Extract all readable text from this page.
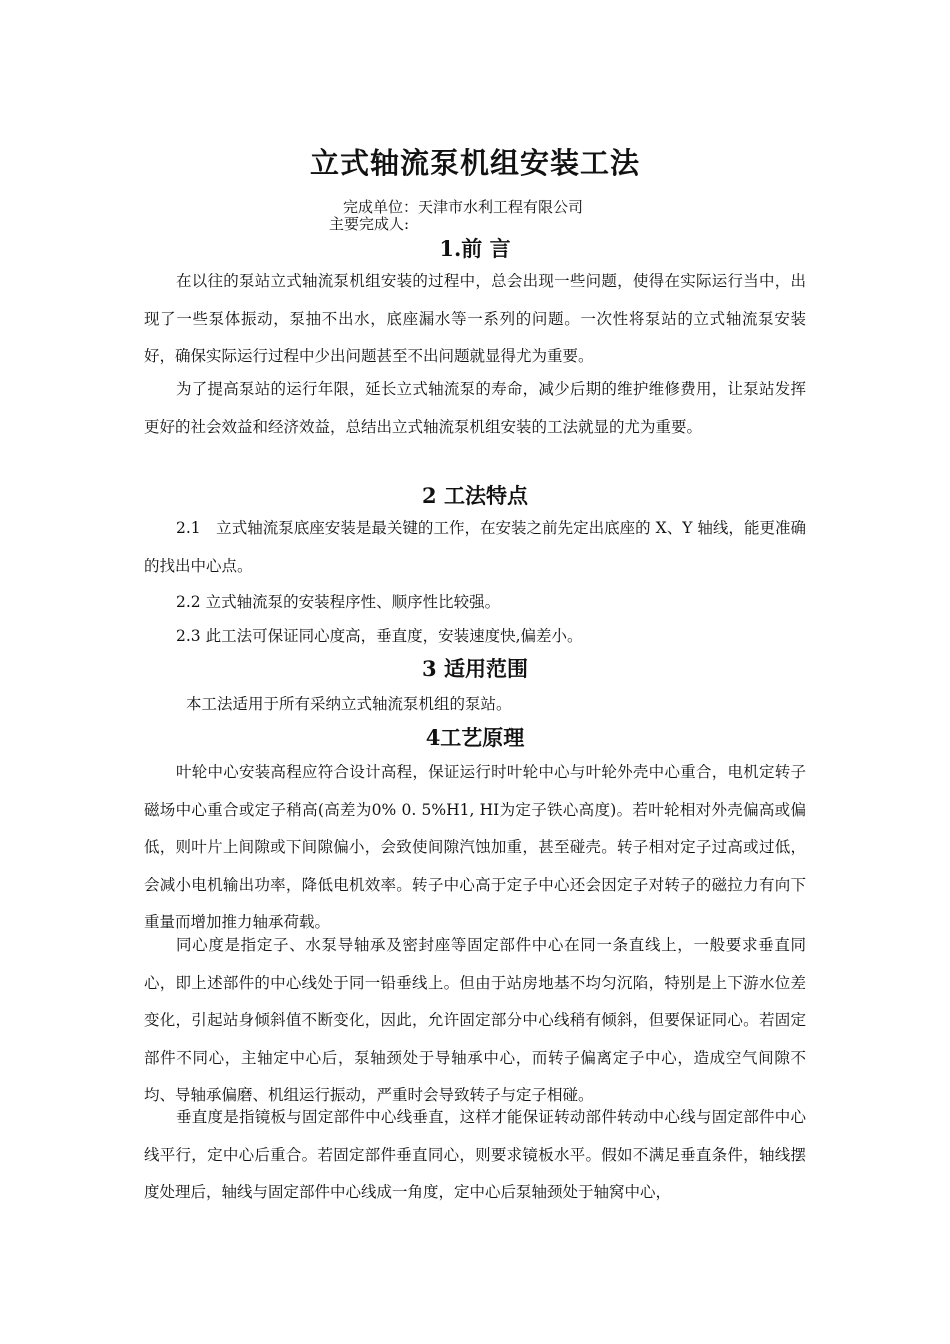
立式轴流泵机组安装工法
完成单位：天津市水利工程有限公司
主要完成人:
1.前 言
在以往的泵站立式轴流泵机组安装的过程中，总会出现一些问题，使得在实际运行当中，出现了一些泵体振动，泵抽不出水，底座漏水等一系列的问题。一次性将泵站的立式轴流泵安装好，确保实际运行过程中少出问题甚至不出问题就显得尤为重要。
为了提高泵站的运行年限，延长立式轴流泵的寿命，减少后期的维护维修费用，让泵站发挥更好的社会效益和经济效益，总结出立式轴流泵机组安装的工法就显的尤为重要。
2 工法特点
2.1　立式轴流泵底座安装是最关键的工作，在安装之前先定出底座的 X、Y 轴线，能更准确的找出中心点。
2.2 立式轴流泵的安装程序性、顺序性比较强。
2.3 此工法可保证同心度高，垂直度，安装速度快,偏差小。
3 适用范围
本工法适用于所有采纳立式轴流泵机组的泵站。
4工艺原理
叶轮中心安装高程应符合设计高程，保证运行时叶轮中心与叶轮外壳中心重合，电机定转子磁场中心重合或定子稍高(高差为0% 0. 5%H1, HI为定子铁心高度)。若叶轮相对外壳偏高或偏低，则叶片上间隙或下间隙偏小，会致使间隙汽蚀加重，甚至碰壳。转子相对定子过高或过低，会减小电机输出功率，降低电机效率。转子中心高于定子中心还会因定子对转子的磁拉力有向下重量而增加推力轴承荷载。
同心度是指定子、水泵导轴承及密封座等固定部件中心在同一条直线上，一般要求垂直同心，即上述部件的中心线处于同一铅垂线上。但由于站房地基不均匀沉陷，特别是上下游水位差变化，引起站身倾斜值不断变化，因此，允许固定部分中心线稍有倾斜，但要保证同心。若固定部件不同心，主轴定中心后，泵轴颈处于导轴承中心，而转子偏离定子中心，造成空气间隙不均、导轴承偏磨、机组运行振动，严重时会导致转子与定子相碰。
垂直度是指镜板与固定部件中心线垂直，这样才能保证转动部件转动中心线与固定部件中心线平行，定中心后重合。若固定部件垂直同心，则要求镜板水平。假如不满足垂直条件，轴线摆度处理后，轴线与固定部件中心线成一角度，定中心后泵轴颈处于轴窝中心，
